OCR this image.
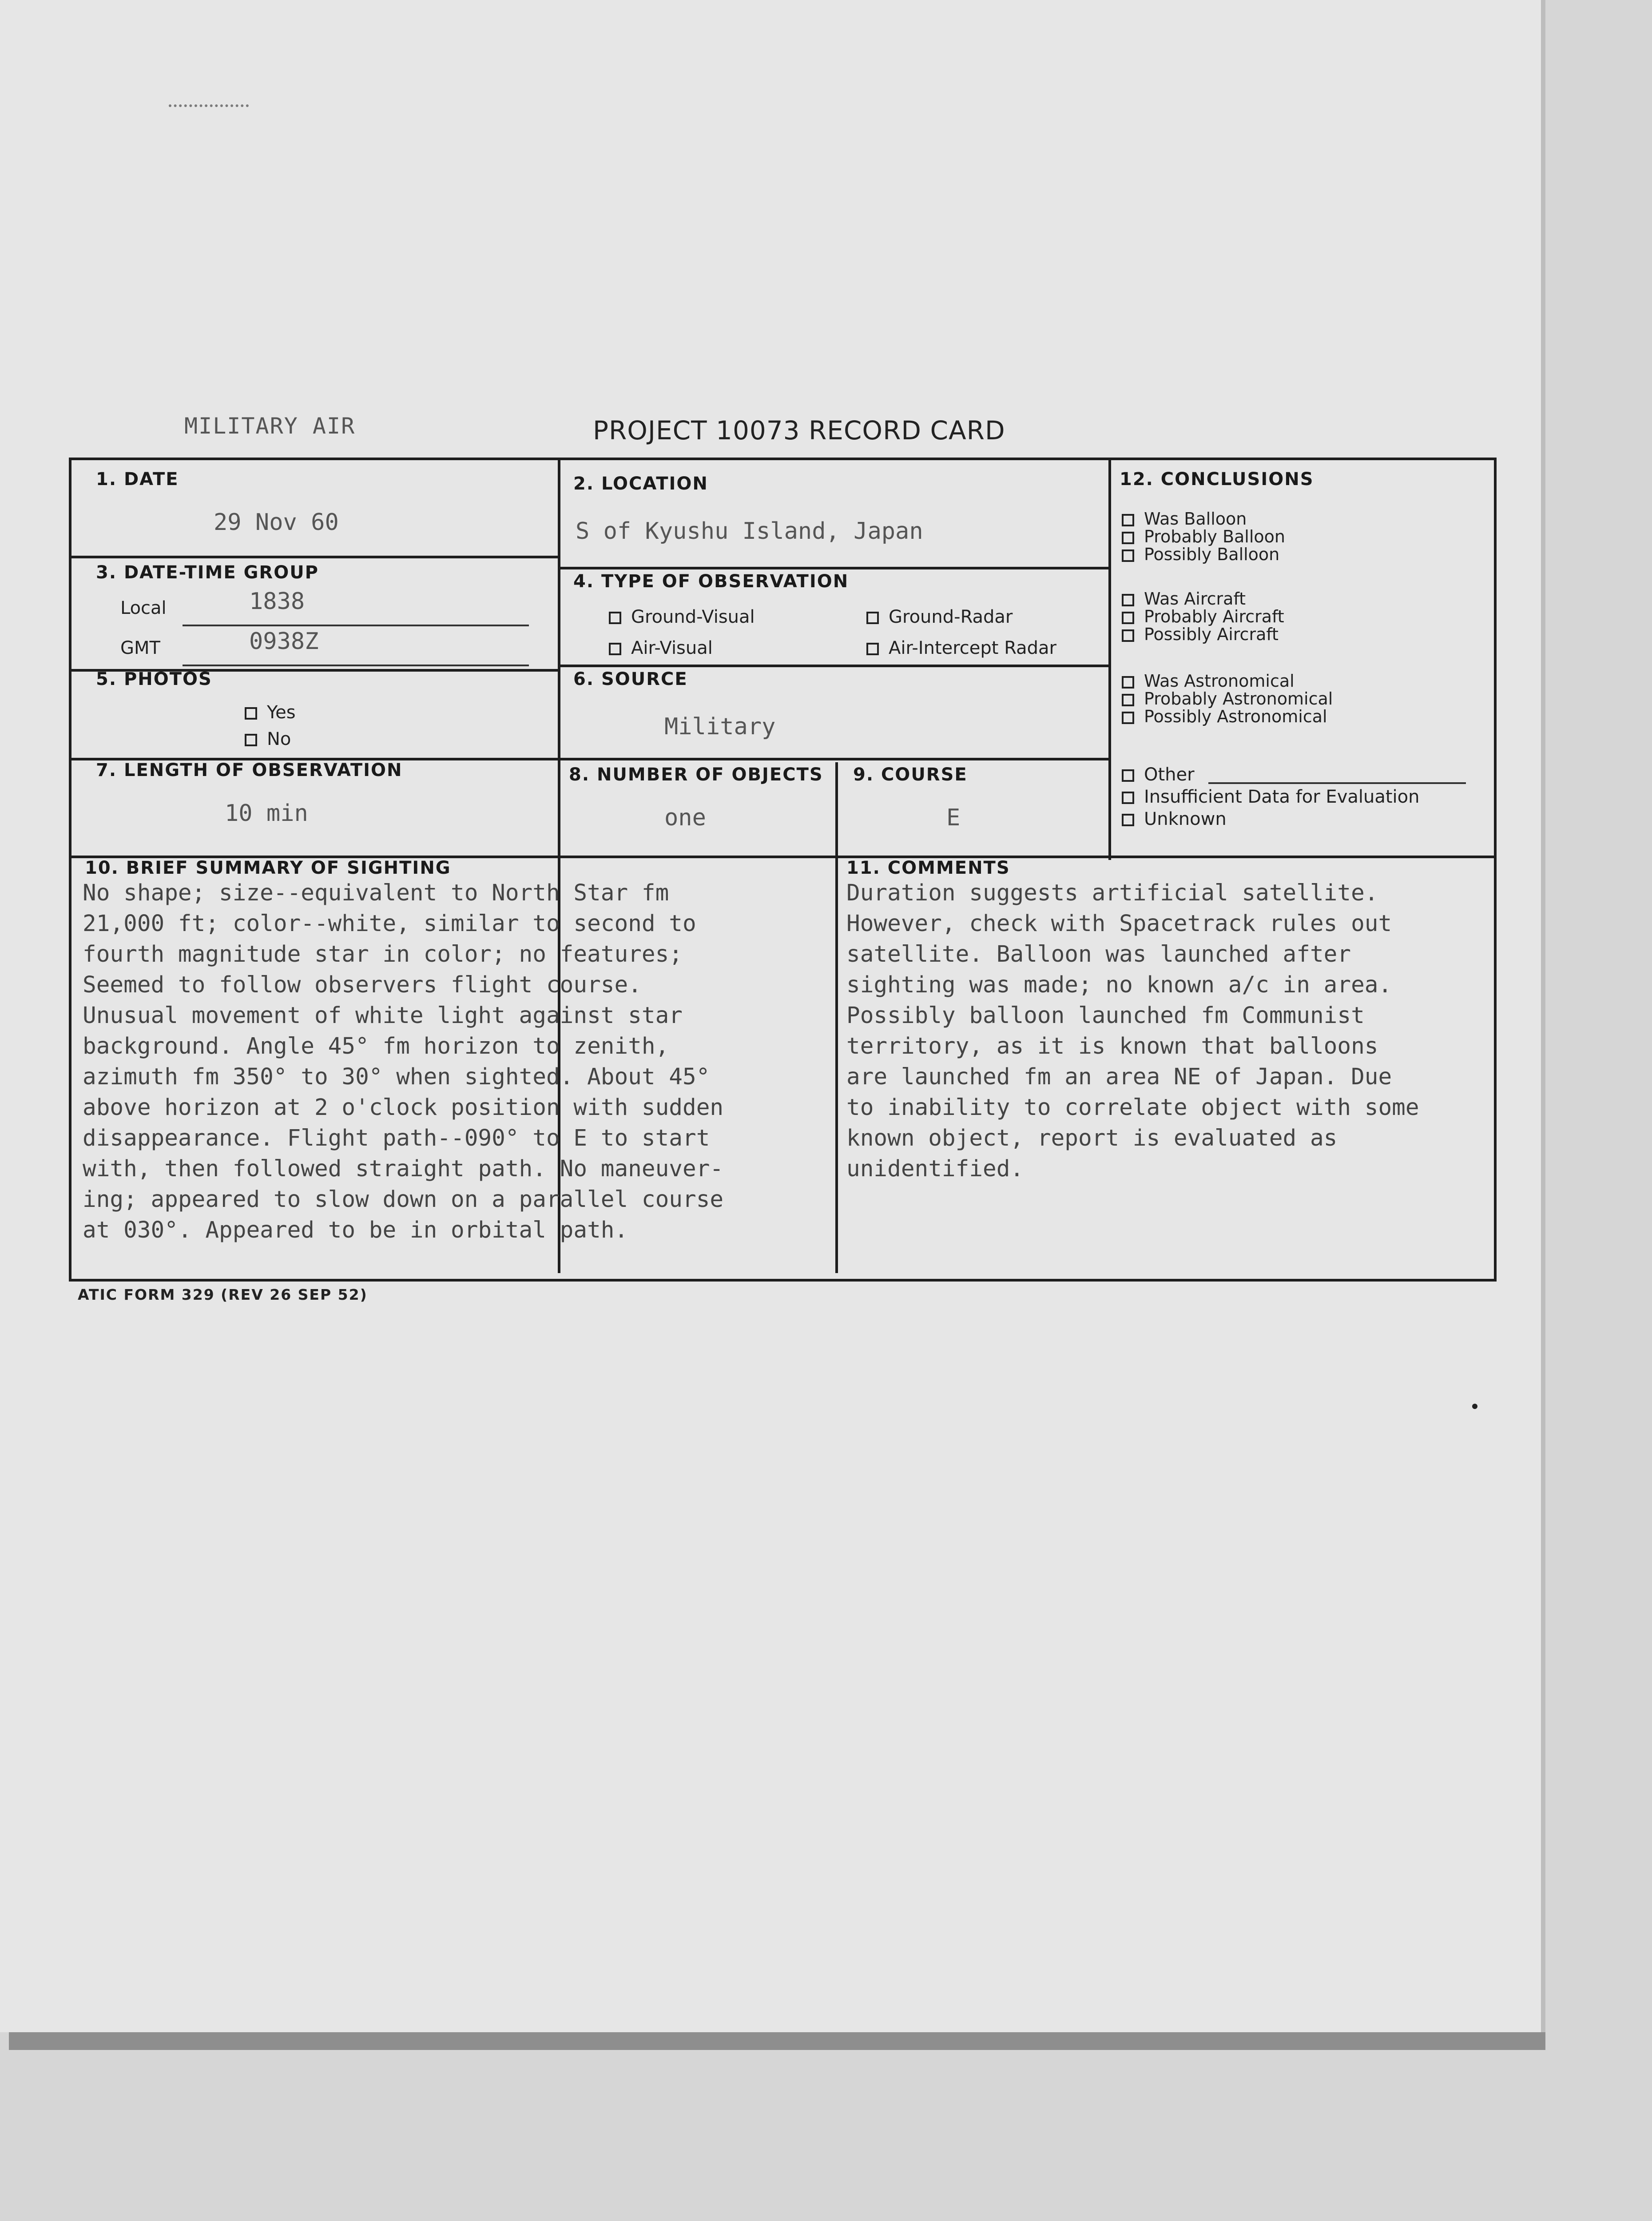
MILITARY AIR	PROJECT 10073 RECORD CARD
1. DATE
29 Nov 60
2. LOCATION
S of Kyushu Island, Japan
3. DATE-TIME GROUP
Local	1838
GMT	0938Z
4. TYPE OF OBSERVATION
Ground-Visual	Ground-Radar
Air-Visual	Air-Intercept Radar
5. PHOTOS
Yes
No
6. SOURCE
Military
7. LENGTH OF OBSERVATION
10 min
8. NUMBER OF OBJECTS
one
9. COURSE
E
12. CONCLUSIONS
Was Balloon
Probably Balloon
Possibly Balloon
Was Aircraft
Probably Aircraft
Possibly Aircraft
Was Astronomical
Probably Astronomical
Possibly Astronomical
Other
Insufficient Data for Evaluation
Unknown
10. BRIEF SUMMARY OF SIGHTING
No shape; size--equivalent to North Star fm
21,000 ft; color--white, similar to second to
fourth magnitude star in color; no features;
Seemed to follow observers flight course.
Unusual movement of white light against star
background. Angle 45° fm horizon to zenith,
azimuth fm 350° to 30° when sighted. About 45°
above horizon at 2 o'clock position with sudden
disappearance. Flight path--090° to E to start
with, then followed straight path. No maneuver-
ing; appeared to slow down on a parallel course
at 030°. Appeared to be in orbital path.
11. COMMENTS
Duration suggests artificial satellite.
However, check with Spacetrack rules out
satellite. Balloon was launched after
sighting was made; no known a/c in area.
Possibly balloon launched fm Communist
territory, as it is known that balloons
are launched fm an area NE of Japan. Due
to inability to correlate object with some
known object, report is evaluated as
unidentified.
ATIC FORM 329 (REV 26 SEP 52)
